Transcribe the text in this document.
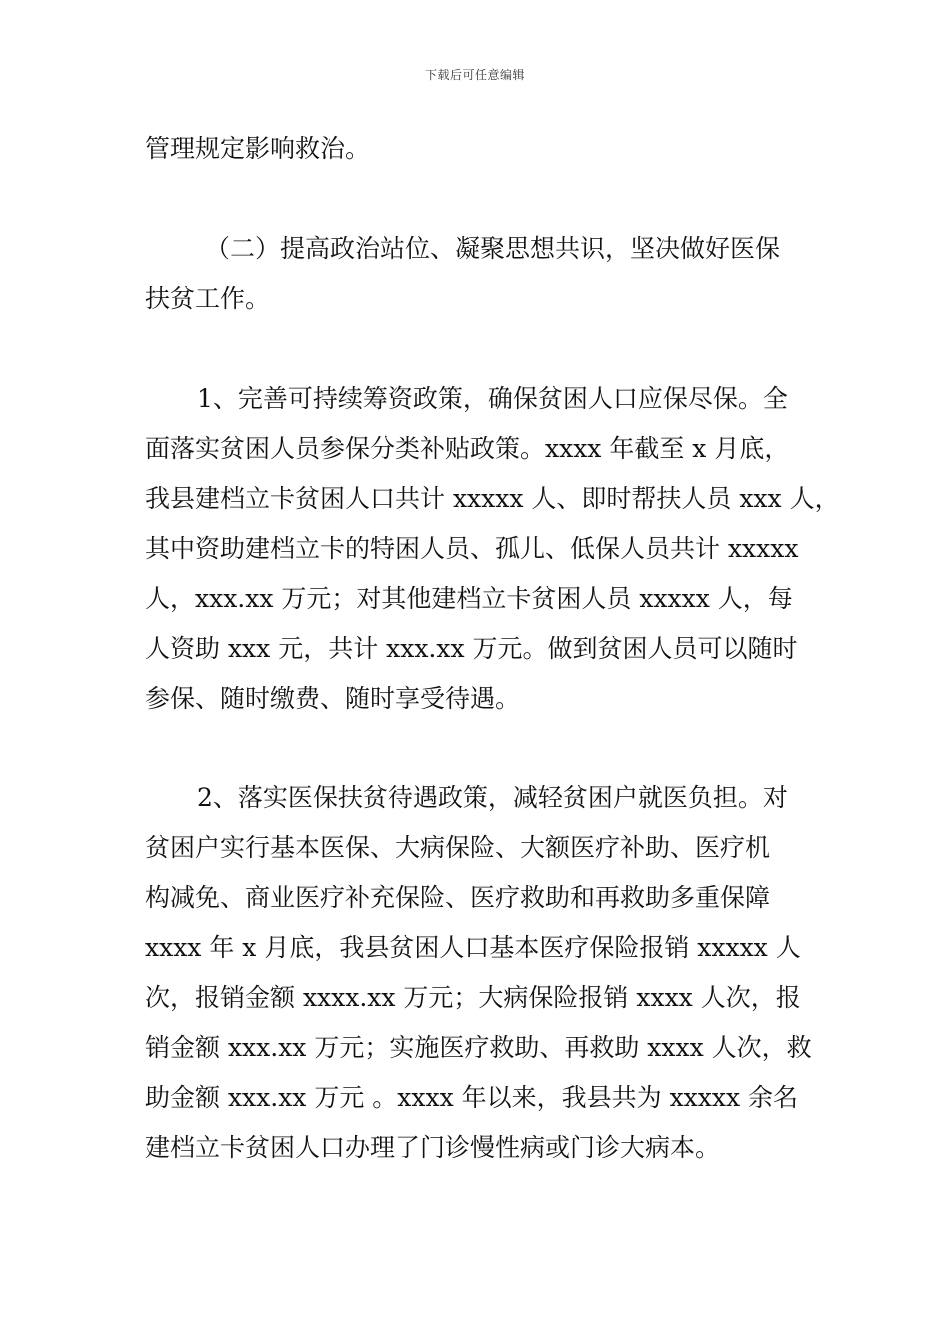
下载后可任意编辑
管理规定影响救治。
（二）提高政治站位、凝聚思想共识，坚决做好医保
扶贫工作。
1、完善可持续筹资政策，确保贫困人口应保尽保。全
面落实贫困人员参保分类补贴政策。xxxx 年截至 x 月底，
我县建档立卡贫困人口共计 xxxxx 人、即时帮扶人员 xxx 人，
其中资助建档立卡的特困人员、孤儿、低保人员共计 xxxxx
人，xxx.xx 万元；对其他建档立卡贫困人员 xxxxx 人，每
人资助 xxx 元，共计 xxx.xx 万元。做到贫困人员可以随时
参保、随时缴费、随时享受待遇。
2、落实医保扶贫待遇政策，减轻贫困户就医负担。对
贫困户实行基本医保、大病保险、大额医疗补助、医疗机
构减免、商业医疗补充保险、医疗救助和再救助多重保障
xxxx 年 x 月底，我县贫困人口基本医疗保险报销 xxxxx 人
次，报销金额 xxxx.xx 万元；大病保险报销 xxxx 人次，报
销金额 xxx.xx 万元；实施医疗救助、再救助 xxxx 人次，救
助金额 xxx.xx 万元 。xxxx 年以来，我县共为 xxxxx 余名
建档立卡贫困人口办理了门诊慢性病或门诊大病本。
